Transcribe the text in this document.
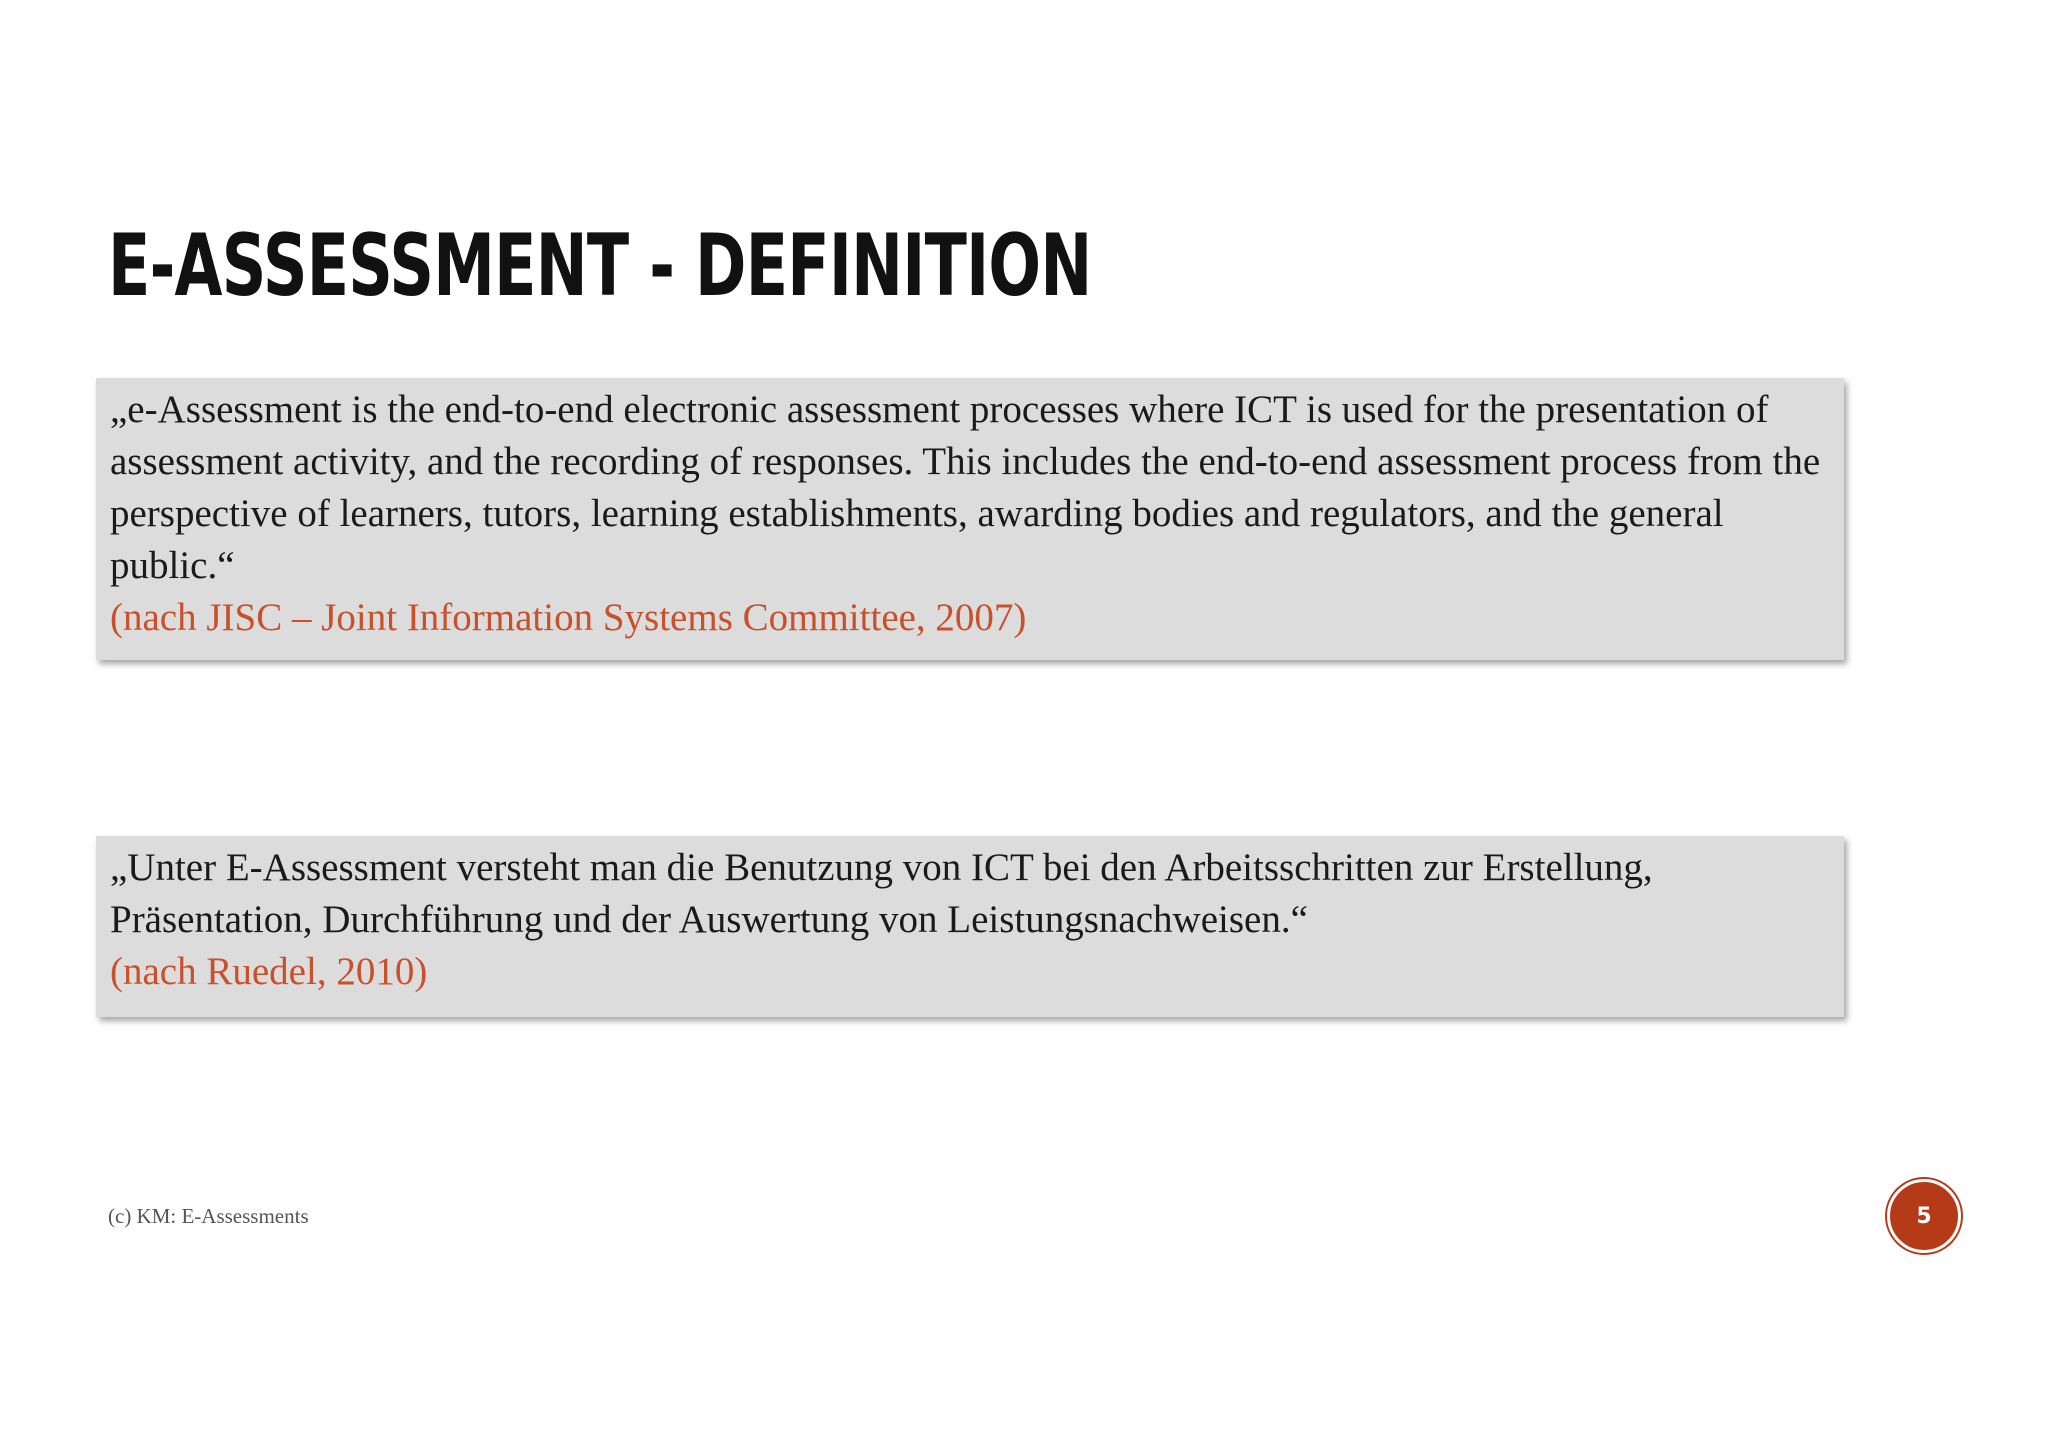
E-ASSESSMENT - DEFINITION

„e-Assessment is the end-to-end electronic assessment processes where ICT is used for the presentation of assessment activity, and the recording of responses. This includes the end-to-end assessment process from the perspective of learners, tutors, learning establishments, awarding bodies and regulators, and the general public.“

(nach JISC – Joint Information Systems Committee, 2007)

„Unter E-Assessment versteht man die Benutzung von ICT bei den Arbeitsschritten zur Erstellung, Präsentation, Durchführung und der Auswertung von Leistungsnachweisen.“

(nach Ruedel, 2010)

(c) KM: E-Assessments	5
